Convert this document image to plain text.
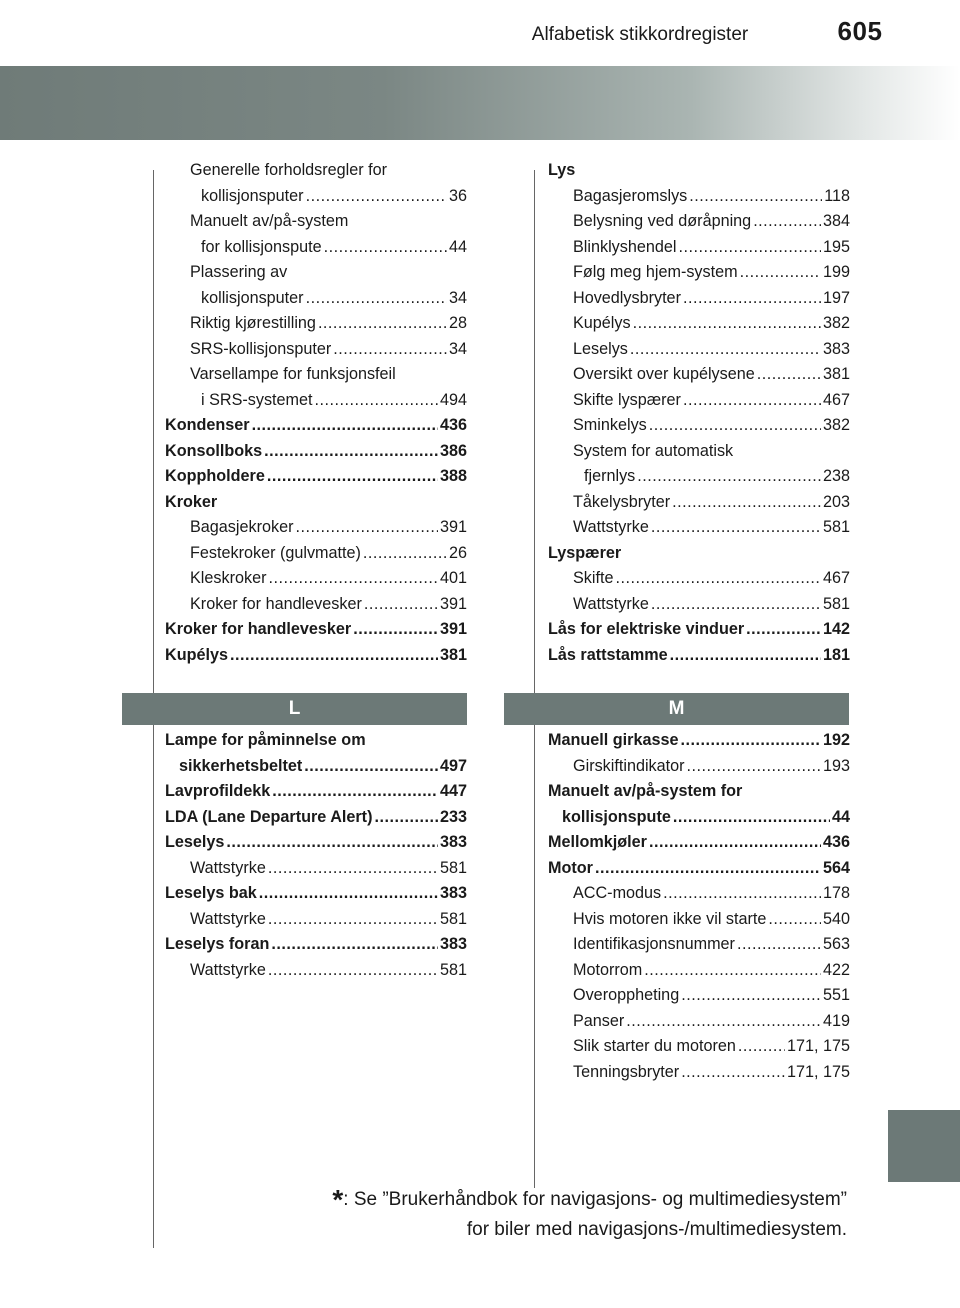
605
Alfabetisk stikkordregister
Generelle forholdsregler for
kollisjonsputer .....	36
Manuelt av/på-system
for kollisjonspute .....	44
Plassering av
kollisjonsputer .....	34
Riktig kjørestilling .....	28
SRS-kollisjonsputer .....	34
Varsellampe for funksjonsfeil
i SRS-systemet .....	494
Kondenser .....	436
Konsollboks .....	386
Koppholdere .....	388
Kroker
Bagasjekroker .....	391
Festekroker (gulvmatte) .....	26
Kleskroker .....	401
Kroker for handlevesker .....	391
Kroker for handlevesker .....	391
Kupélys .....	381
Lys
Bagasjeromslys .....	118
Belysning ved døråpning .....	384
Blinklyshendel .....	195
Følg meg hjem-system .....	199
Hovedlysbryter .....	197
Kupélys .....	382
Leselys .....	383
Oversikt over kupélysene .....	381
Skifte lyspærer .....	467
Sminkelys .....	382
System for automatisk
fjernlys .....	238
Tåkelysbryter .....	203
Wattstyrke .....	581
Lyspærer
Skifte .....	467
Wattstyrke .....	581
Lås for elektriske vinduer .....	142
Lås rattstamme .....	181
L	M
Lampe for påminnelse om
sikkerhetsbeltet .....	497
Lavprofildekk .....	447
LDA (Lane Departure Alert) .....	233
Leselys .....	383
Wattstyrke .....	581
Leselys bak .....	383
Wattstyrke .....	581
Leselys foran .....	383
Wattstyrke .....	581
Manuell girkasse .....	192
Girskiftindikator .....	193
Manuelt av/på-system for
kollisjonspute .....	44
Mellomkjøler .....	436
Motor .....	564
ACC-modus .....	178
Hvis motoren ikke vil starte .....	540
Identifikasjonsnummer .....	563
Motorrom .....	422
Overoppheting .....	551
Panser .....	419
Slik starter du motoren .....	171, 175
Tenningsbryter .....	171, 175
*: Se ”Brukerhåndbok for navigasjons- og multimediesystem”
for biler med navigasjons-/multimediesystem.
